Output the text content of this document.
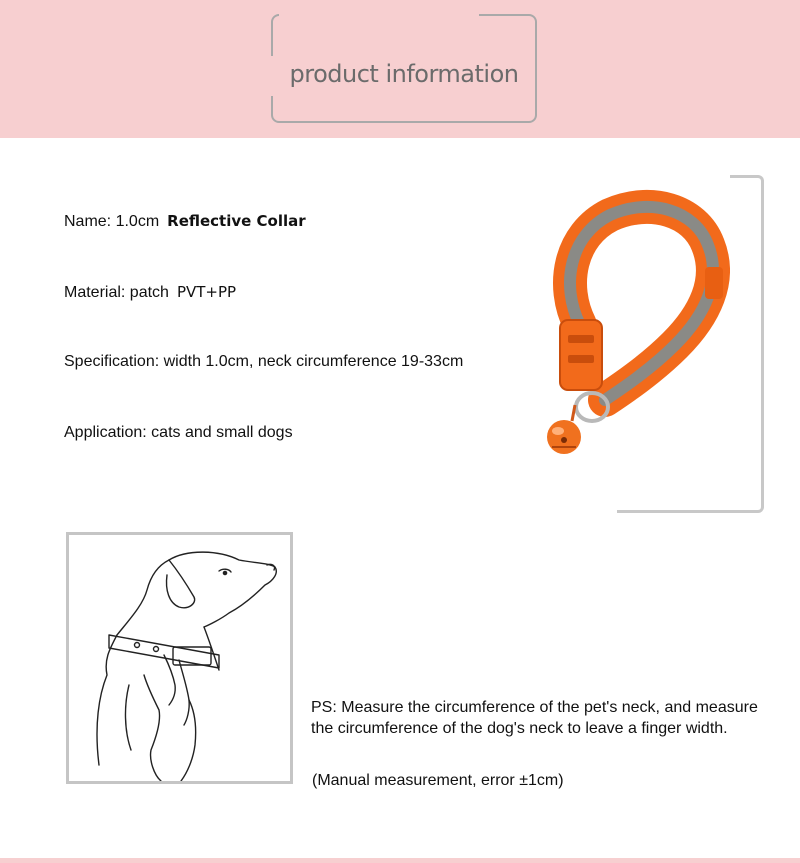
product information
Name: 1.0cm Reflective Collar
Material: patch PVT+PP
Specification: width 1.0cm, neck circumference 19-33cm
Application: cats and small dogs
PS: Measure the circumference of the pet's neck, and measure the circumference of the dog's neck to leave a finger width.
(Manual measurement, error ±1cm)
